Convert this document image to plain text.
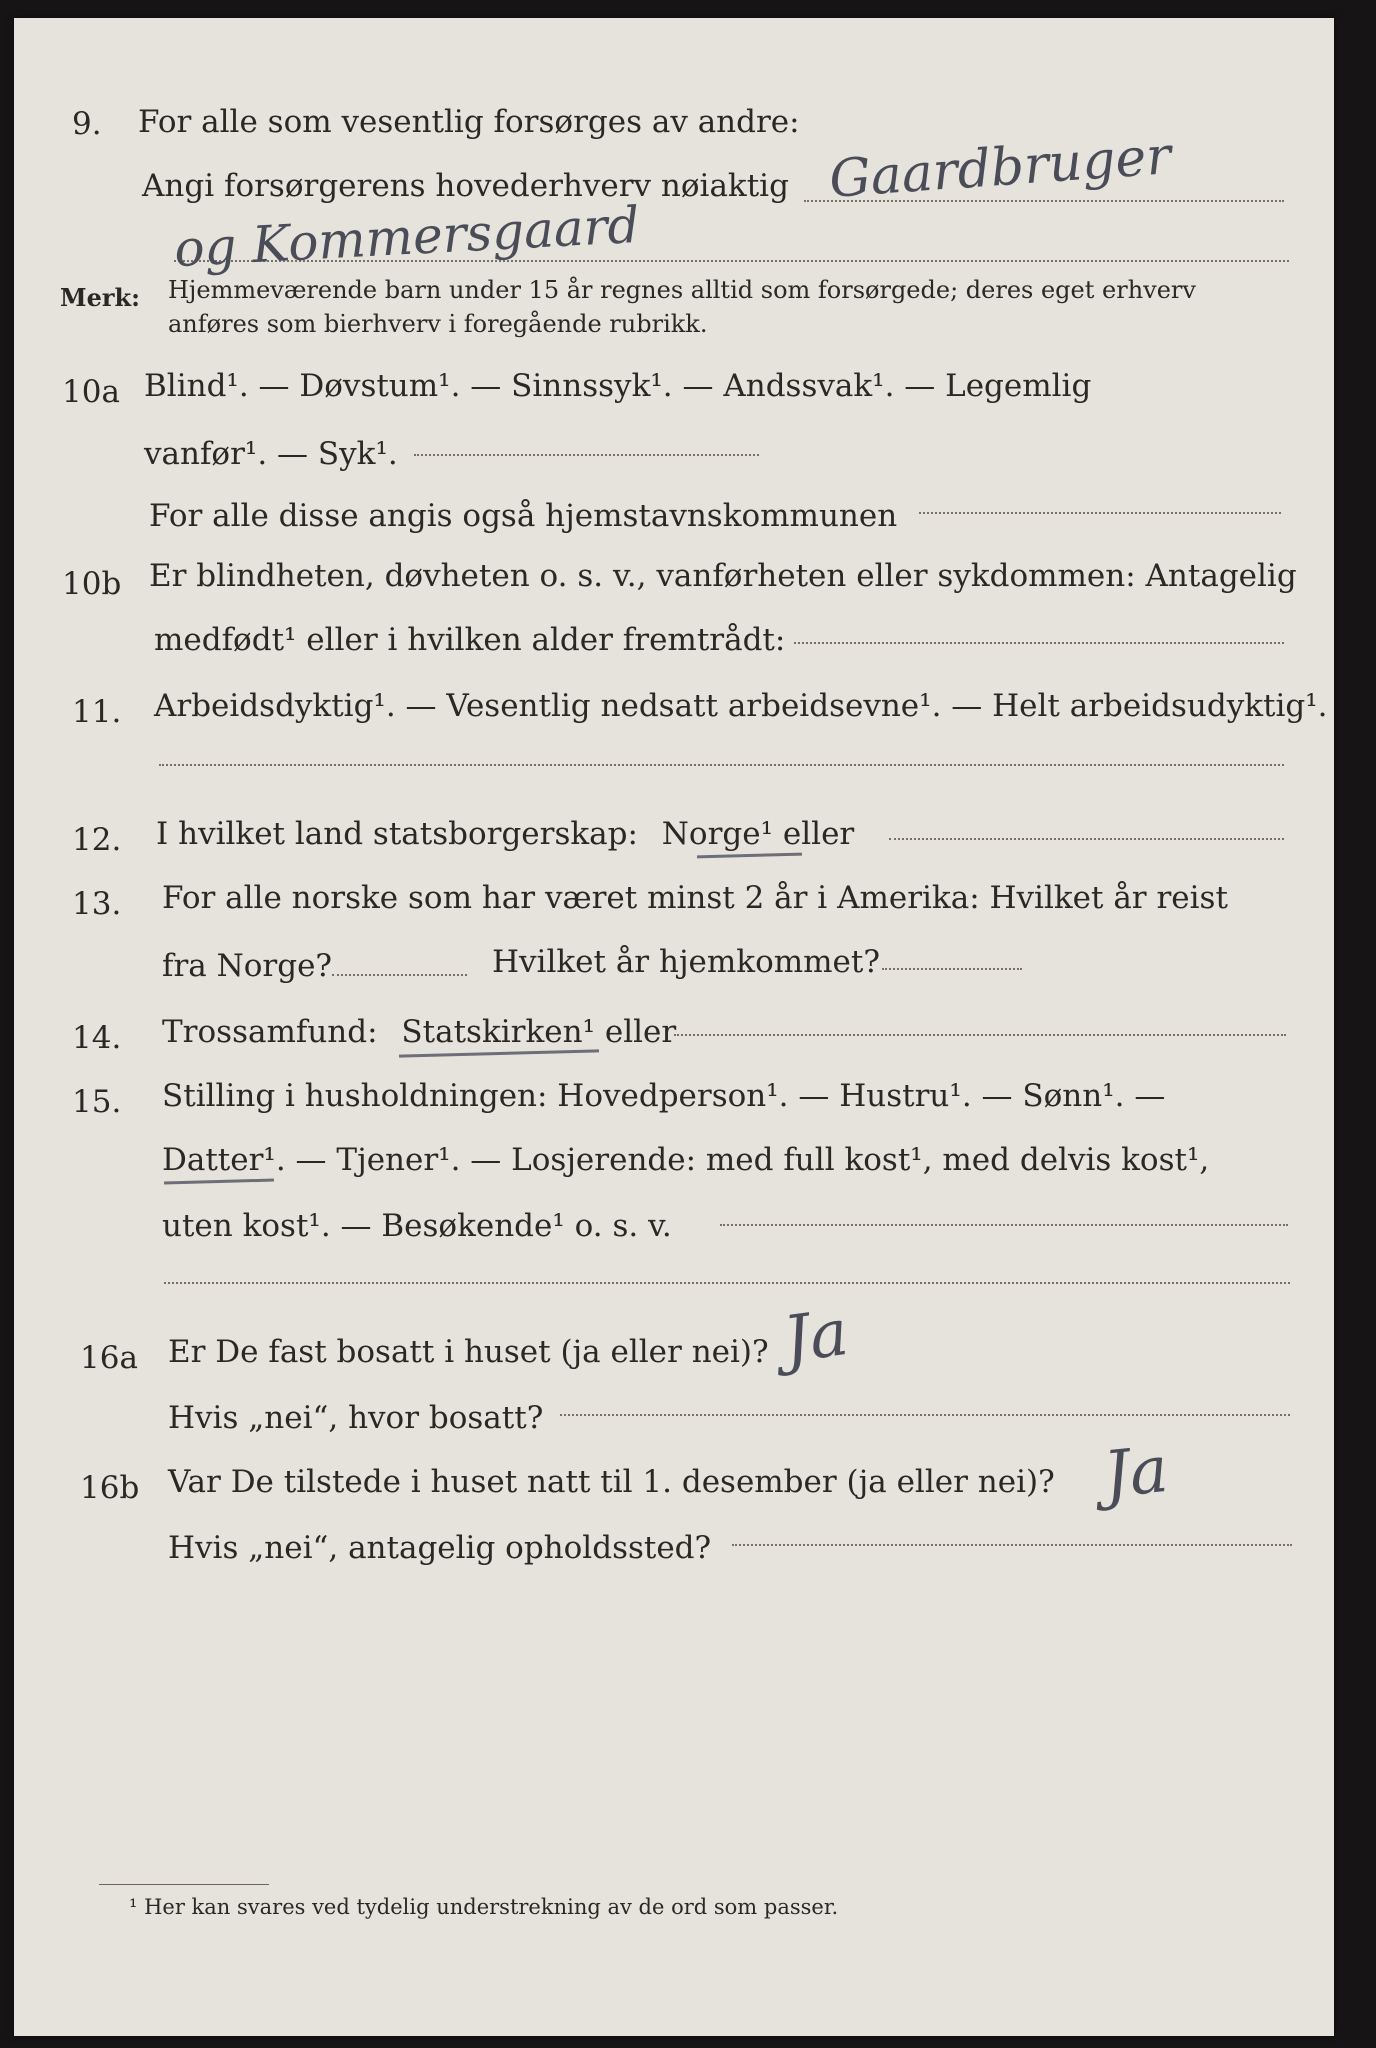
9. For alle som vesentlig forsørges av andre:
Angi forsørgerens hovederhverv nøiaktig Gaardbruger
og Kommersgaard
Merk: Hjemmeværende barn under 15 år regnes alltid som forsørgede; deres eget erhverv
anføres som bierhverv i foregående rubrikk.
10a Blind¹. — Døvstum¹. — Sinnssyk¹. — Andssvak¹. — Legemlig
vanfør¹. — Syk¹.
For alle disse angis også hjemstavnskommunen
10b Er blindheten, døvheten o. s. v., vanførheten eller sykdommen: Antagelig
medfødt¹ eller i hvilken alder fremtrådt:
11. Arbeidsdyktig¹. — Vesentlig nedsatt arbeidsevne¹. — Helt arbeidsudyktig¹.
12. I hvilket land statsborgerskap: Norge¹ eller
13. For alle norske som har været minst 2 år i Amerika: Hvilket år reist
fra Norge?	Hvilket år hjemkommet?
14. Trossamfund: Statskirken¹ eller
15. Stilling i husholdningen: Hovedperson¹. — Hustru¹. — Sønn¹. —
Datter¹. — Tjener¹. — Losjerende: med full kost¹, med delvis kost¹,
uten kost¹. — Besøkende¹ o. s. v.
16a Er De fast bosatt i huset (ja eller nei)? Ja
Hvis „nei“, hvor bosatt?
16b Var De tilstede i huset natt til 1. desember (ja eller nei)? Ja
Hvis „nei“, antagelig opholdssted?
¹ Her kan svares ved tydelig understrekning av de ord som passer.
